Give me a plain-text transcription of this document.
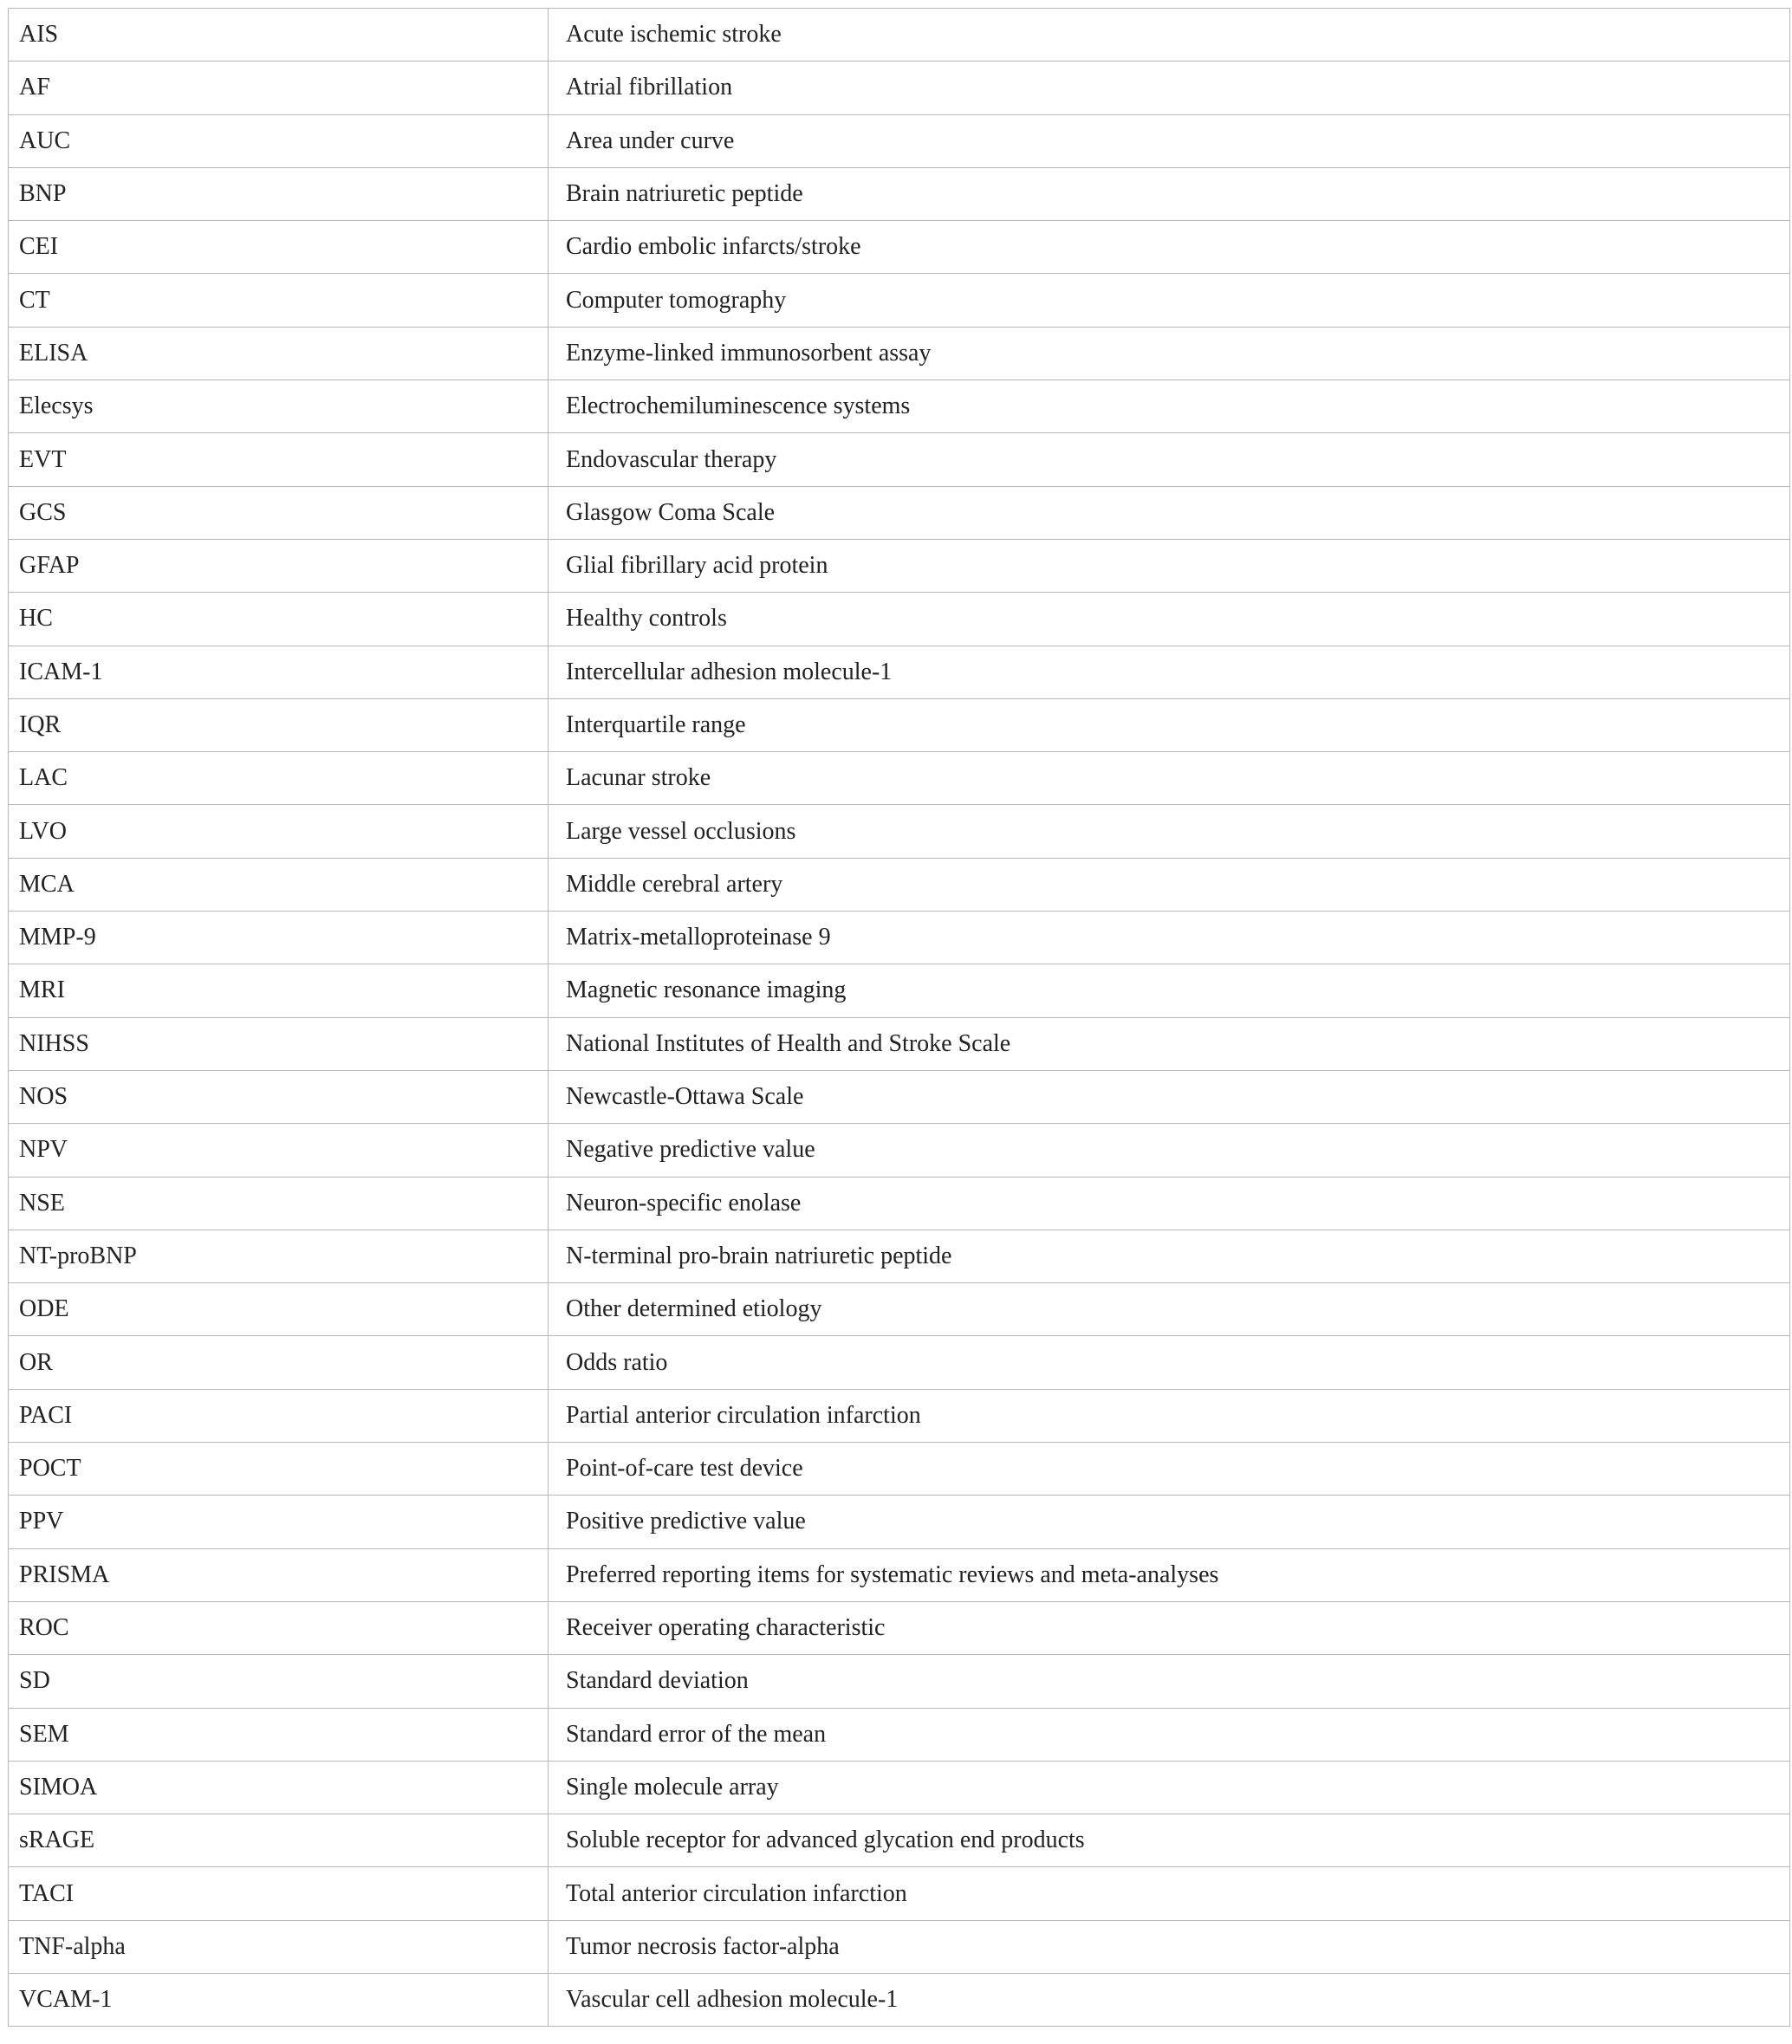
AIS	Acute ischemic stroke
AF	Atrial fibrillation
AUC	Area under curve
BNP	Brain natriuretic peptide
CEI	Cardio embolic infarcts/stroke
CT	Computer tomography
ELISA	Enzyme-linked immunosorbent assay
Elecsys	Electrochemiluminescence systems
EVT	Endovascular therapy
GCS	Glasgow Coma Scale
GFAP	Glial fibrillary acid protein
HC	Healthy controls
ICAM-1	Intercellular adhesion molecule-1
IQR	Interquartile range
LAC	Lacunar stroke
LVO	Large vessel occlusions
MCA	Middle cerebral artery
MMP-9	Matrix-metalloproteinase 9
MRI	Magnetic resonance imaging
NIHSS	National Institutes of Health and Stroke Scale
NOS	Newcastle-Ottawa Scale
NPV	Negative predictive value
NSE	Neuron-specific enolase
NT-proBNP	N-terminal pro-brain natriuretic peptide
ODE	Other determined etiology
OR	Odds ratio
PACI	Partial anterior circulation infarction
POCT	Point-of-care test device
PPV	Positive predictive value
PRISMA	Preferred reporting items for systematic reviews and meta-analyses
ROC	Receiver operating characteristic
SD	Standard deviation
SEM	Standard error of the mean
SIMOA	Single molecule array
sRAGE	Soluble receptor for advanced glycation end products
TACI	Total anterior circulation infarction
TNF-alpha	Tumor necrosis factor-alpha
VCAM-1	Vascular cell adhesion molecule-1
